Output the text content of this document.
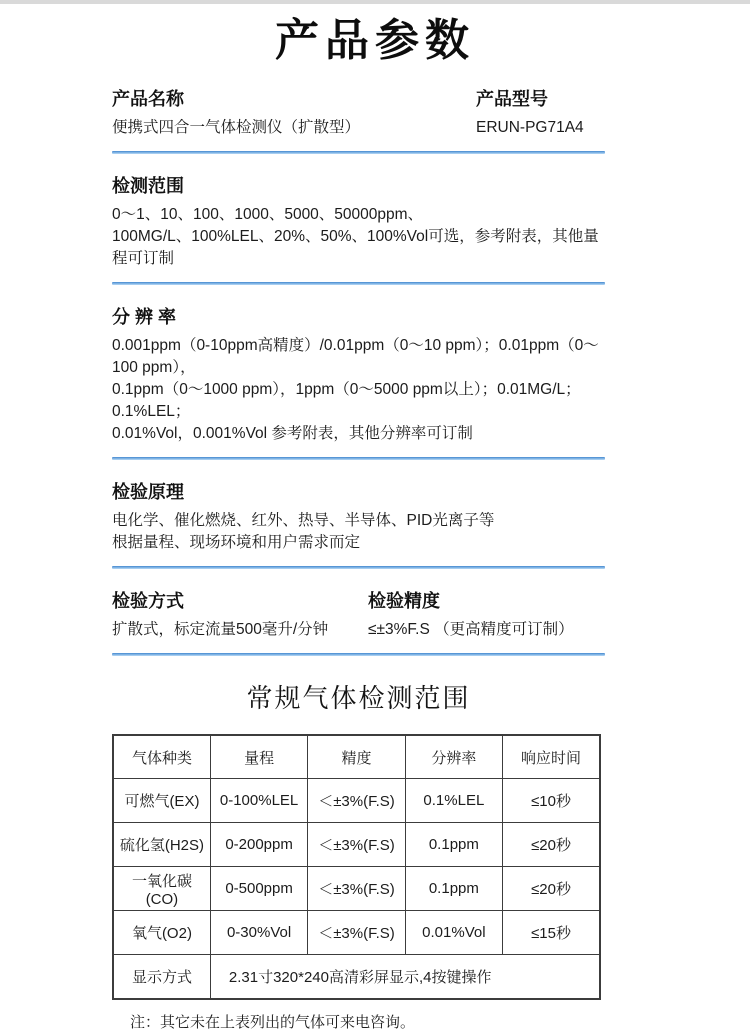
产品参数
产品名称
便携式四合一气体检测仪（扩散型）
产品型号
ERUN-PG71A4
检测范围
0～1、10、100、1000、5000、50000ppm、
100MG/L、100%LEL、20%、50%、100%Vol可选，参考附表，其他量程可订制
分 辨 率
0.001ppm（0-10ppm高精度）/0.01ppm（0～10 ppm）；0.01ppm（0～100 ppm），
0.1ppm（0～1000 ppm），1ppm（0～5000 ppm以上）；0.01MG/L；0.1%LEL；
0.01%Vol，0.001%Vol 参考附表，其他分辨率可订制
检验原理
电化学、催化燃烧、红外、热导、半导体、PID光离子等
根据量程、现场环境和用户需求而定
检验方式
扩散式，标定流量500毫升/分钟
检验精度
≤±3%F.S （更高精度可订制）
常规气体检测范围
气体种类	量程	精度	分辨率	响应时间
可燃气(EX)	0-100%LEL	＜±3%(F.S)	0.1%LEL	≤10秒
硫化氢(H2S)	0-200ppm	＜±3%(F.S)	0.1ppm	≤20秒
一氧化碳(CO)	0-500ppm	＜±3%(F.S)	0.1ppm	≤20秒
氧气(O2)	0-30%Vol	＜±3%(F.S)	0.01%Vol	≤15秒
显示方式	2.31寸320*240高清彩屏显示,4按键操作			
注：其它未在上表列出的气体可来电咨询。
